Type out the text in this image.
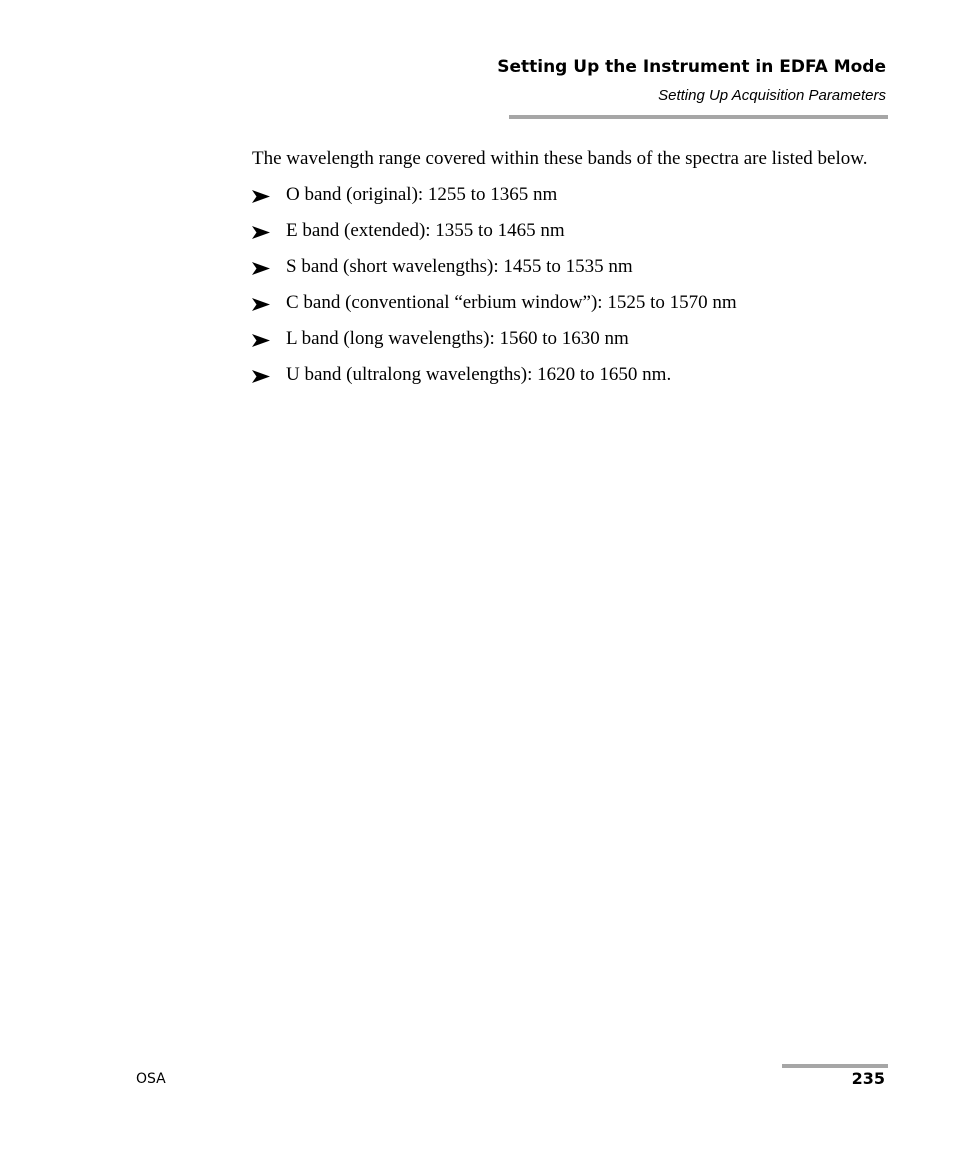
Setting Up the Instrument in EDFA Mode
Setting Up Acquisition Parameters

The wavelength range covered within these bands of the spectra are listed below.

O band (original): 1255 to 1365 nm
E band (extended): 1355 to 1465 nm
S band (short wavelengths): 1455 to 1535 nm
C band (conventional “erbium window”): 1525 to 1570 nm
L band (long wavelengths): 1560 to 1630 nm
U band (ultralong wavelengths): 1620 to 1650 nm.
OSA	235
